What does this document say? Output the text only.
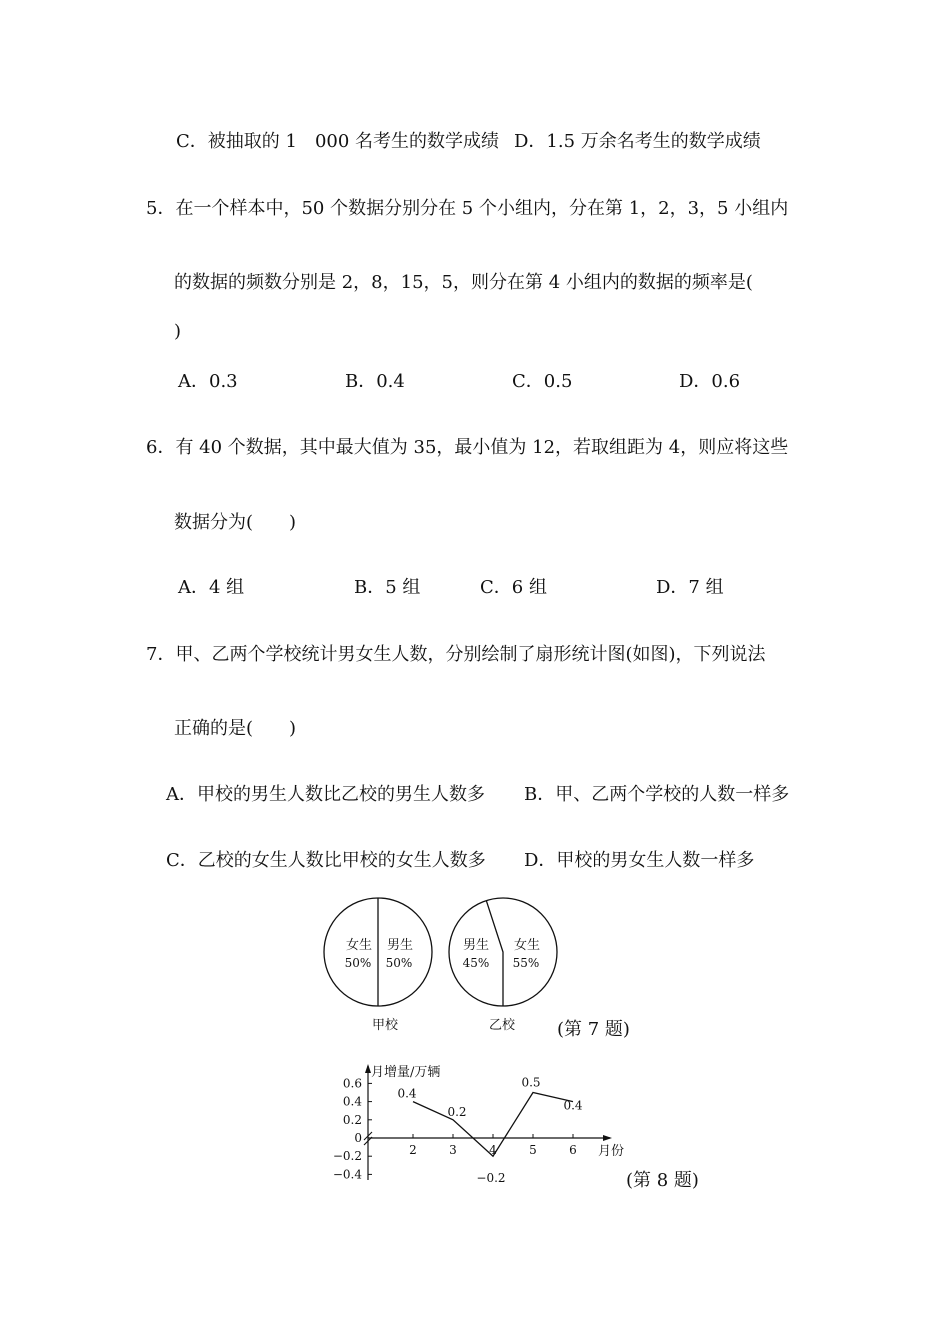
C．被抽取的 1　000 名考生的数学成绩 D．1.5 万余名考生的数学成绩
5．在一个样本中，50 个数据分别分在 5 个小组内，分在第 1，2，3，5 小组内
的数据的频数分别是 2，8，15，5，则分在第 4 小组内的数据的频率是(
)
A．0.3	B．0.4	C．0.5	D．0.6
6．有 40 个数据，其中最大值为 35，最小值为 12，若取组距为 4，则应将这些
数据分为(　　)
A．4 组	B．5 组	C．6 组	D．7 组
7．甲、乙两个学校统计男女生人数，分别绘制了扇形统计图(如图)，下列说法
正确的是(　　)
A．甲校的男生人数比乙校的男生人数多 B．甲、乙两个学校的人数一样多
C．乙校的女生人数比甲校的女生人数多 D．甲校的男女生人数一样多
女生
50%
男生
50%
甲校
男生
45%
女生
55%
乙校 (第 7 题)
月增量/万辆
月份
0.6
0.4
0.2
0
−0.2
−0.4
2	3	4	5	6
0.4
0.2
−0.2
0.5
0.4
(第 8 题)
